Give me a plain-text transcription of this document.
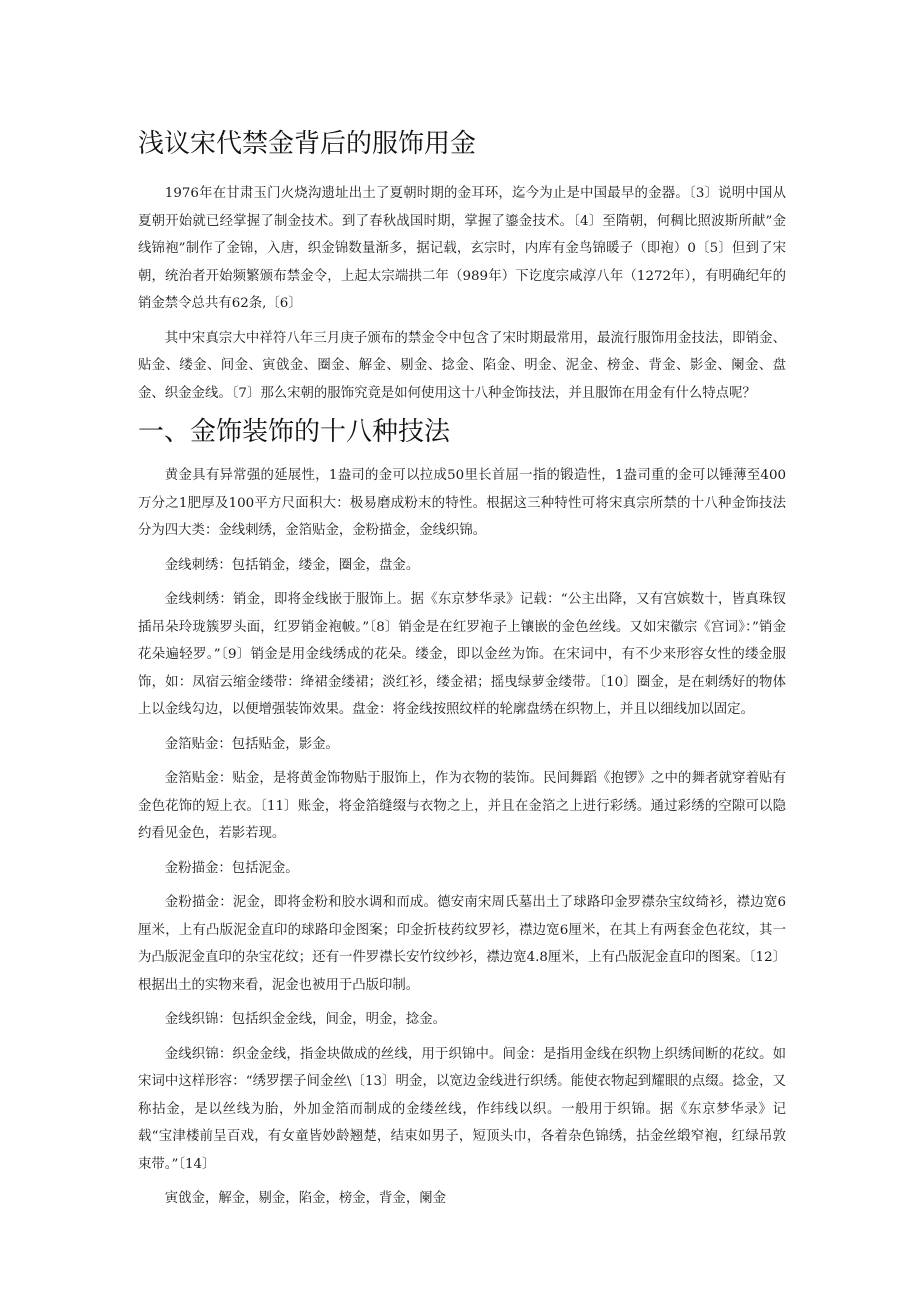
浅议宋代禁金背后的服饰用金

1976年在甘肃玉门火烧沟遗址出土了夏朝时期的金耳环，迄今为止是中国最早的金器。〔3〕说明中国从夏朝开始就已经掌握了制金技术。到了春秋战国时期，掌握了鎏金技术。〔4〕至隋朝，何稠比照波斯所献”金线锦袍”制作了金锦，入唐，织金锦数量渐多，据记载，玄宗时，内库有金鸟锦暖子（即袍）0〔5〕但到了宋朝，统治者开始频繁颁布禁金令，上起太宗端拱二年（989年）下讫度宗咸淳八年（1272年），有明确纪年的销金禁令总共有62条,〔6〕

其中宋真宗大中祥符八年三月庚子颁布的禁金令中包含了宋时期最常用，最流行服饰用金技法，即销金、贴金、缕金、间金、寅戗金、圈金、解金、剔金、捻金、陷金、明金、泥金、榜金、背金、影金、阑金、盘金、织金金线。〔7〕那么宋朝的服饰究竟是如何使用这十八种金饰技法，并且服饰在用金有什么特点呢？

一、金饰装饰的十八种技法

黄金具有异常强的延展性，1盎司的金可以拉成50里长首屈一指的锻造性，1盎司重的金可以锤薄至400万分之1肥厚及100平方尺面积大：极易磨成粉末的特性。根据这三种特性可将宋真宗所禁的十八种金饰技法分为四大类：金线刺绣，金箔贴金，金粉描金，金线织锦。

金线刺绣：包括销金，缕金，圈金，盘金。

金线刺绣：销金，即将金线嵌于服饰上。据《东京梦华录》记载：“公主出降，又有宫嫔数十，皆真珠钗插吊朵玲珑簇罗头面，红罗销金袍帔。”〔8〕销金是在红罗袍子上镶嵌的金色丝线。又如宋徽宗《宫词》：”销金花朵遍轻罗。”〔9〕销金是用金线绣成的花朵。缕金，即以金丝为饰。在宋词中，有不少来形容女性的缕金服饰，如：凤宿云缩金缕带：绛裙金缕裙；淡红衫，缕金裙；摇曳绿萝金缕带。〔10〕圈金，是在刺绣好的物体上以金线勾边，以便增强装饰效果。盘金：将金线按照纹样的轮廓盘绣在织物上，并且以细线加以固定。

金箔贴金：包括贴金，影金。

金箔贴金：贴金，是将黄金饰物贴于服饰上，作为衣物的装饰。民间舞蹈《抱锣》之中的舞者就穿着贴有金色花饰的短上衣。〔11〕账金，将金箔缝缀与衣物之上，并且在金箔之上进行彩绣。通过彩绣的空隙可以隐约看见金色，若影若现。

金粉描金：包括泥金。

金粉描金：泥金，即将金粉和胶水调和而成。德安南宋周氏墓出土了球路印金罗襟杂宝纹绮衫，襟边宽6厘米，上有凸版泥金直印的球路印金图案；印金折枝药纹罗衫，襟边宽6厘米，在其上有两套金色花纹，其一为凸版泥金直印的杂宝花纹；还有一件罗襟长安竹纹纱衫，襟边宽4.8厘米，上有凸版泥金直印的图案。〔12〕根据出土的实物来看，泥金也被用于凸版印制。

金线织锦：包括织金金线，间金，明金，捻金。

金线织锦：织金金线，指金块做成的丝线，用于织锦中。间金：是指用金线在织物上织绣间断的花纹。如宋词中这样形容：“绣罗摆子间金丝\〔13〕明金，以宽边金线进行织绣。能使衣物起到耀眼的点缀。捻金，又称拈金，是以丝线为胎，外加金箔而制成的金缕丝线，作纬线以织。一般用于织锦。据《东京梦华录》记载“宝津楼前呈百戏，有女童皆妙龄翘楚，结束如男子，短顶头巾，各着杂色锦绣，拈金丝缎窄袍，红绿吊敦束带。”〔14〕

寅戗金，解金，剔金，陷金，榜金，背金，阑金
